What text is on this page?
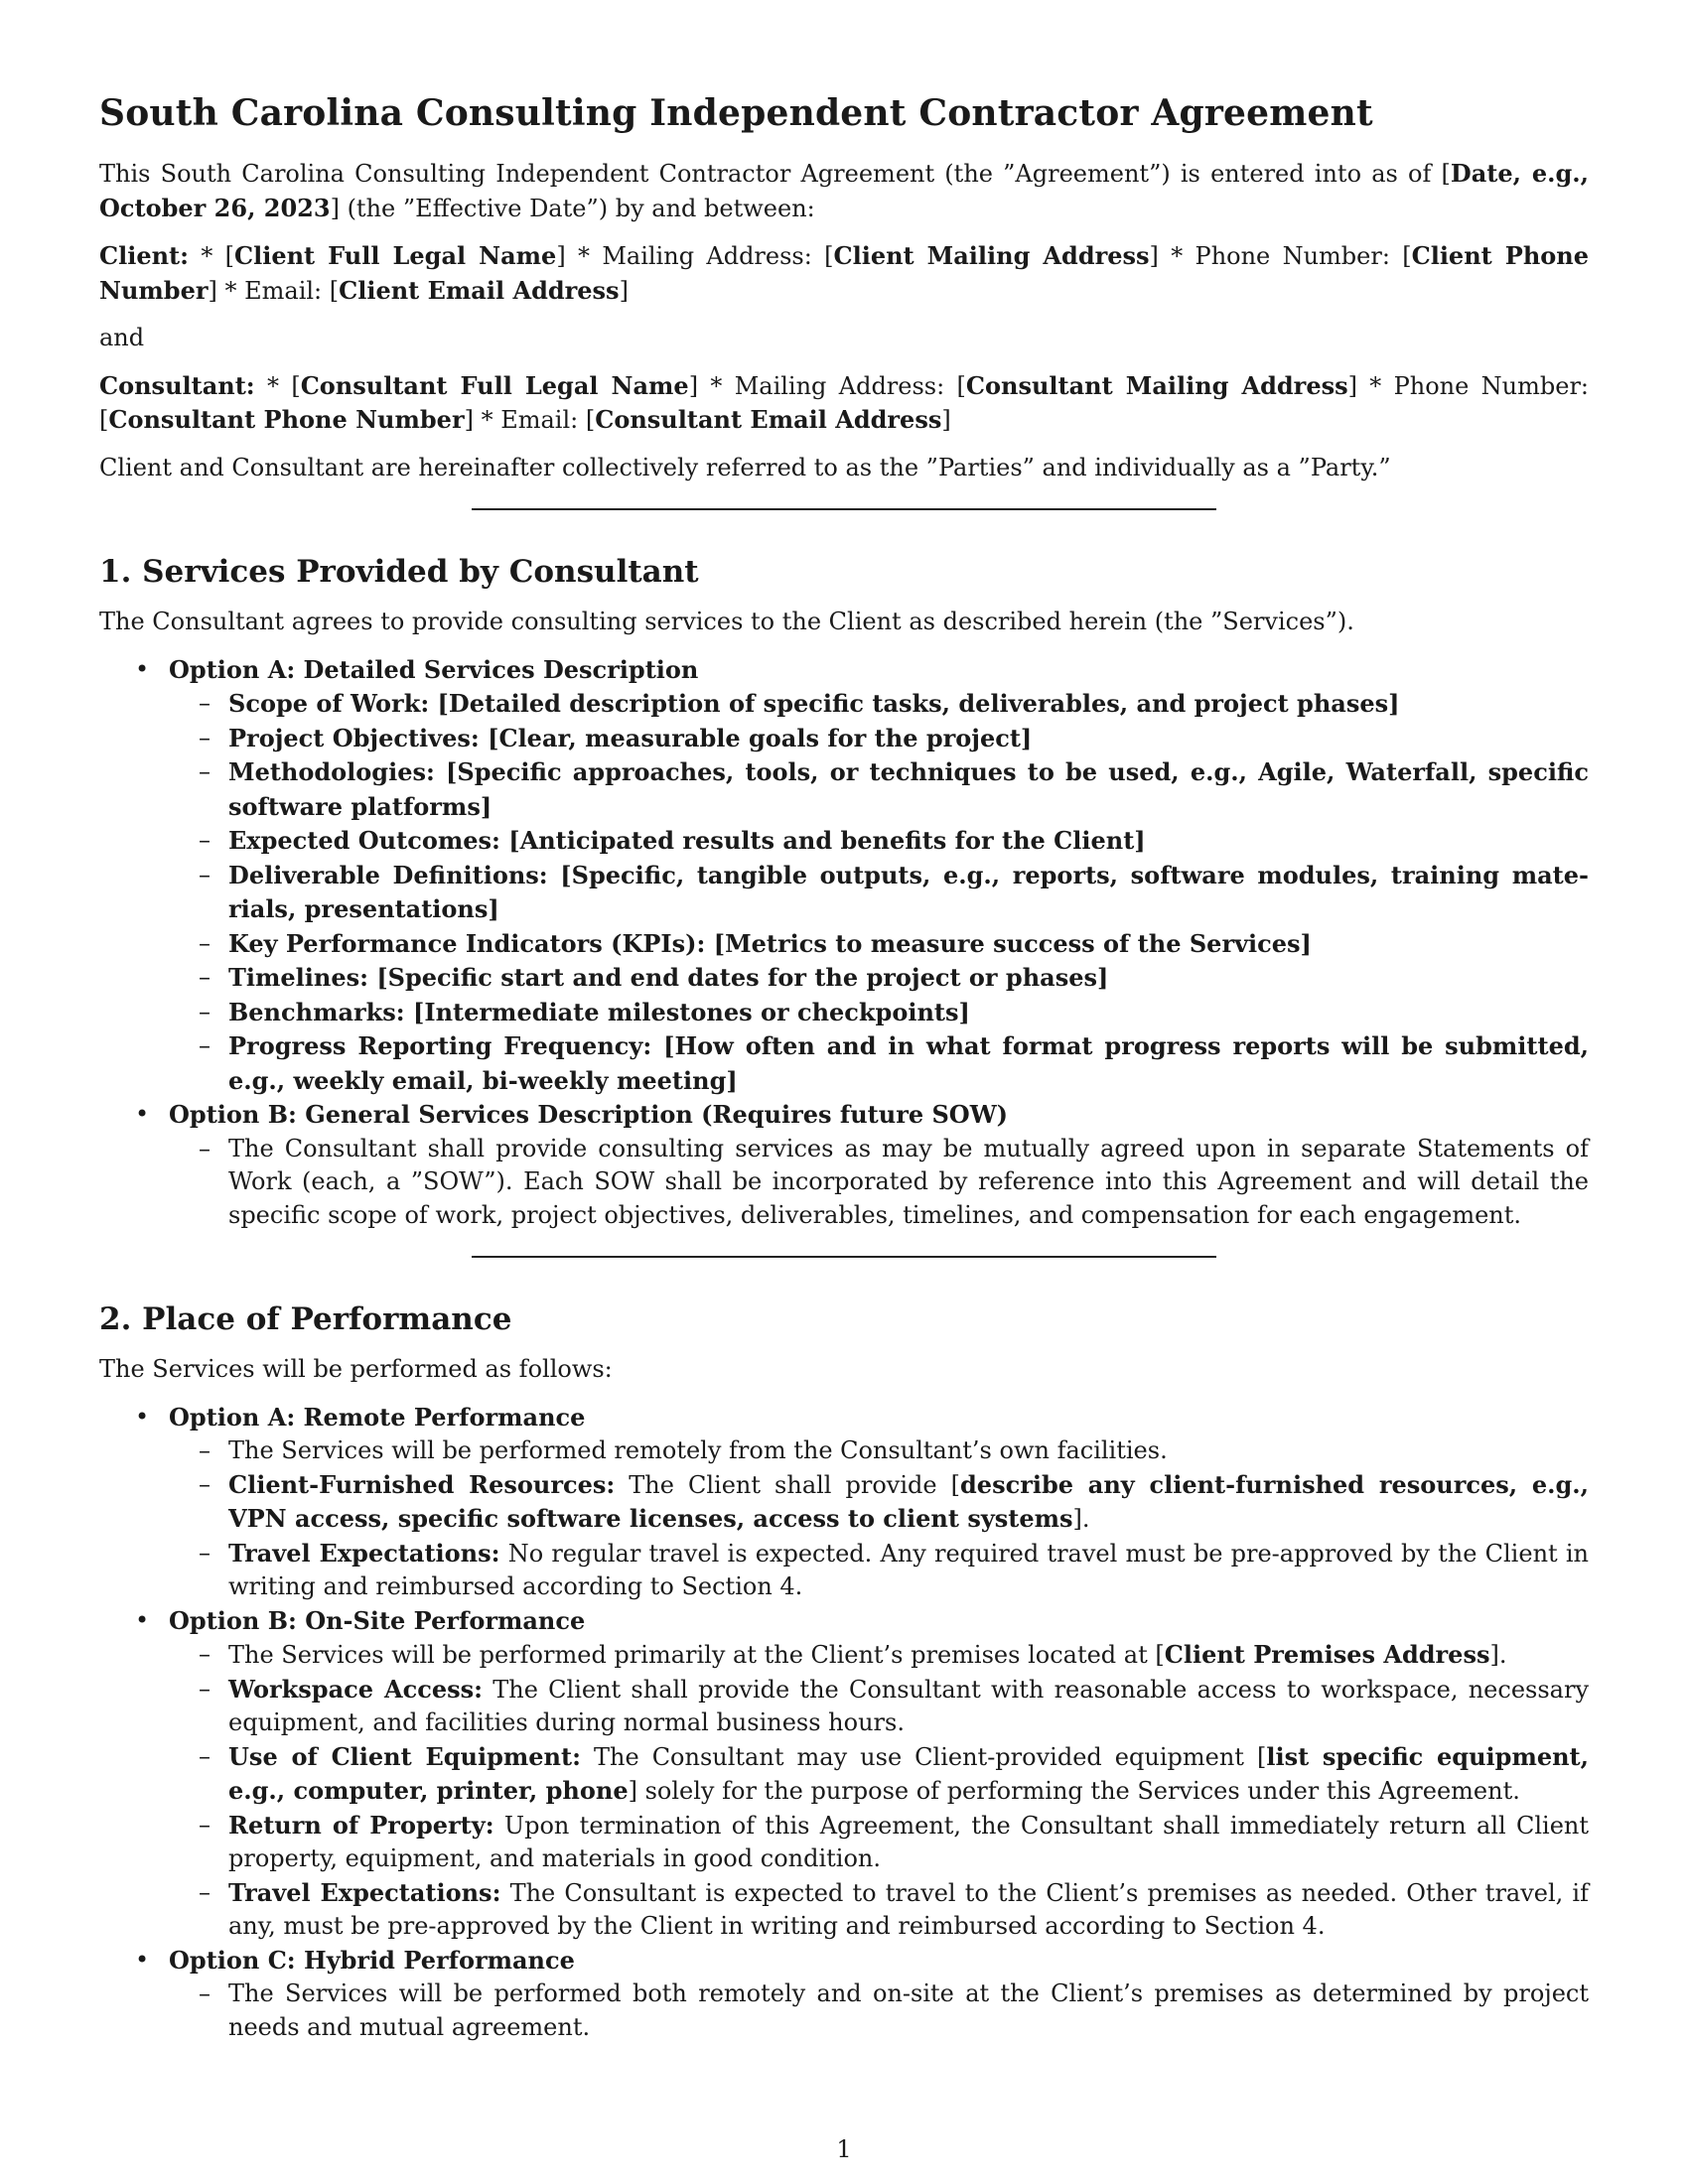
South Carolina Consulting Independent Contractor Agreement

This South Carolina Consulting Independent Contractor Agreement (the ”Agreement”) is entered into as of [Date, e.g., October 26, 2023] (the ”Effective Date”) by and between:

Client: * [Client Full Legal Name] * Mailing Address: [Client Mailing Address] * Phone Number: [Client Phone Number] * Email: [Client Email Address]

and

Consultant: * [Consultant Full Legal Name] * Mailing Address: [Consultant Mailing Address] * Phone Number: [Consultant Phone Number] * Email: [Consultant Email Address]

Client and Consultant are hereinafter collectively referred to as the ”Parties” and individually as a ”Party.”

1. Services Provided by Consultant

The Consultant agrees to provide consulting services to the Client as described herein (the ”Services”).

• Option A: Detailed Services Description
– Scope of Work: [Detailed description of specific tasks, deliverables, and project phases]
– Project Objectives: [Clear, measurable goals for the project]
– Methodologies: [Specific approaches, tools, or techniques to be used, e.g., Agile, Waterfall, specific software platforms]
– Expected Outcomes: [Anticipated results and benefits for the Client]
– Deliverable Definitions: [Specific, tangible outputs, e.g., reports, software modules, training mate-rials, presentations]
– Key Performance Indicators (KPIs): [Metrics to measure success of the Services]
– Timelines: [Specific start and end dates for the project or phases]
– Benchmarks: [Intermediate milestones or checkpoints]
– Progress Reporting Frequency: [How often and in what format progress reports will be submitted, e.g., weekly email, bi-weekly meeting]
• Option B: General Services Description (Requires future SOW)
– The Consultant shall provide consulting services as may be mutually agreed upon in separate Statements of Work (each, a ”SOW”). Each SOW shall be incorporated by reference into this Agreement and will detail the specific scope of work, project objectives, deliverables, timelines, and compensation for each engagement.
2. Place of Performance

The Services will be performed as follows:

• Option A: Remote Performance
– The Services will be performed remotely from the Consultant’s own facilities.
– Client-Furnished Resources: The Client shall provide [describe any client-furnished resources, e.g., VPN access, specific software licenses, access to client systems].
– Travel Expectations: No regular travel is expected. Any required travel must be pre-approved by the Client in writing and reimbursed according to Section 4.
• Option B: On-Site Performance
– The Services will be performed primarily at the Client’s premises located at [Client Premises Address].
– Workspace Access: The Client shall provide the Consultant with reasonable access to workspace, necessary equipment, and facilities during normal business hours.
– Use of Client Equipment: The Consultant may use Client-provided equipment [list specific equipment, e.g., computer, printer, phone] solely for the purpose of performing the Services under this Agreement.
– Return of Property: Upon termination of this Agreement, the Consultant shall immediately return all Client property, equipment, and materials in good condition.
– Travel Expectations: The Consultant is expected to travel to the Client’s premises as needed. Other travel, if any, must be pre-approved by the Client in writing and reimbursed according to Section 4.
• Option C: Hybrid Performance
– The Services will be performed both remotely and on-site at the Client’s premises as determined by project needs and mutual agreement.
1
